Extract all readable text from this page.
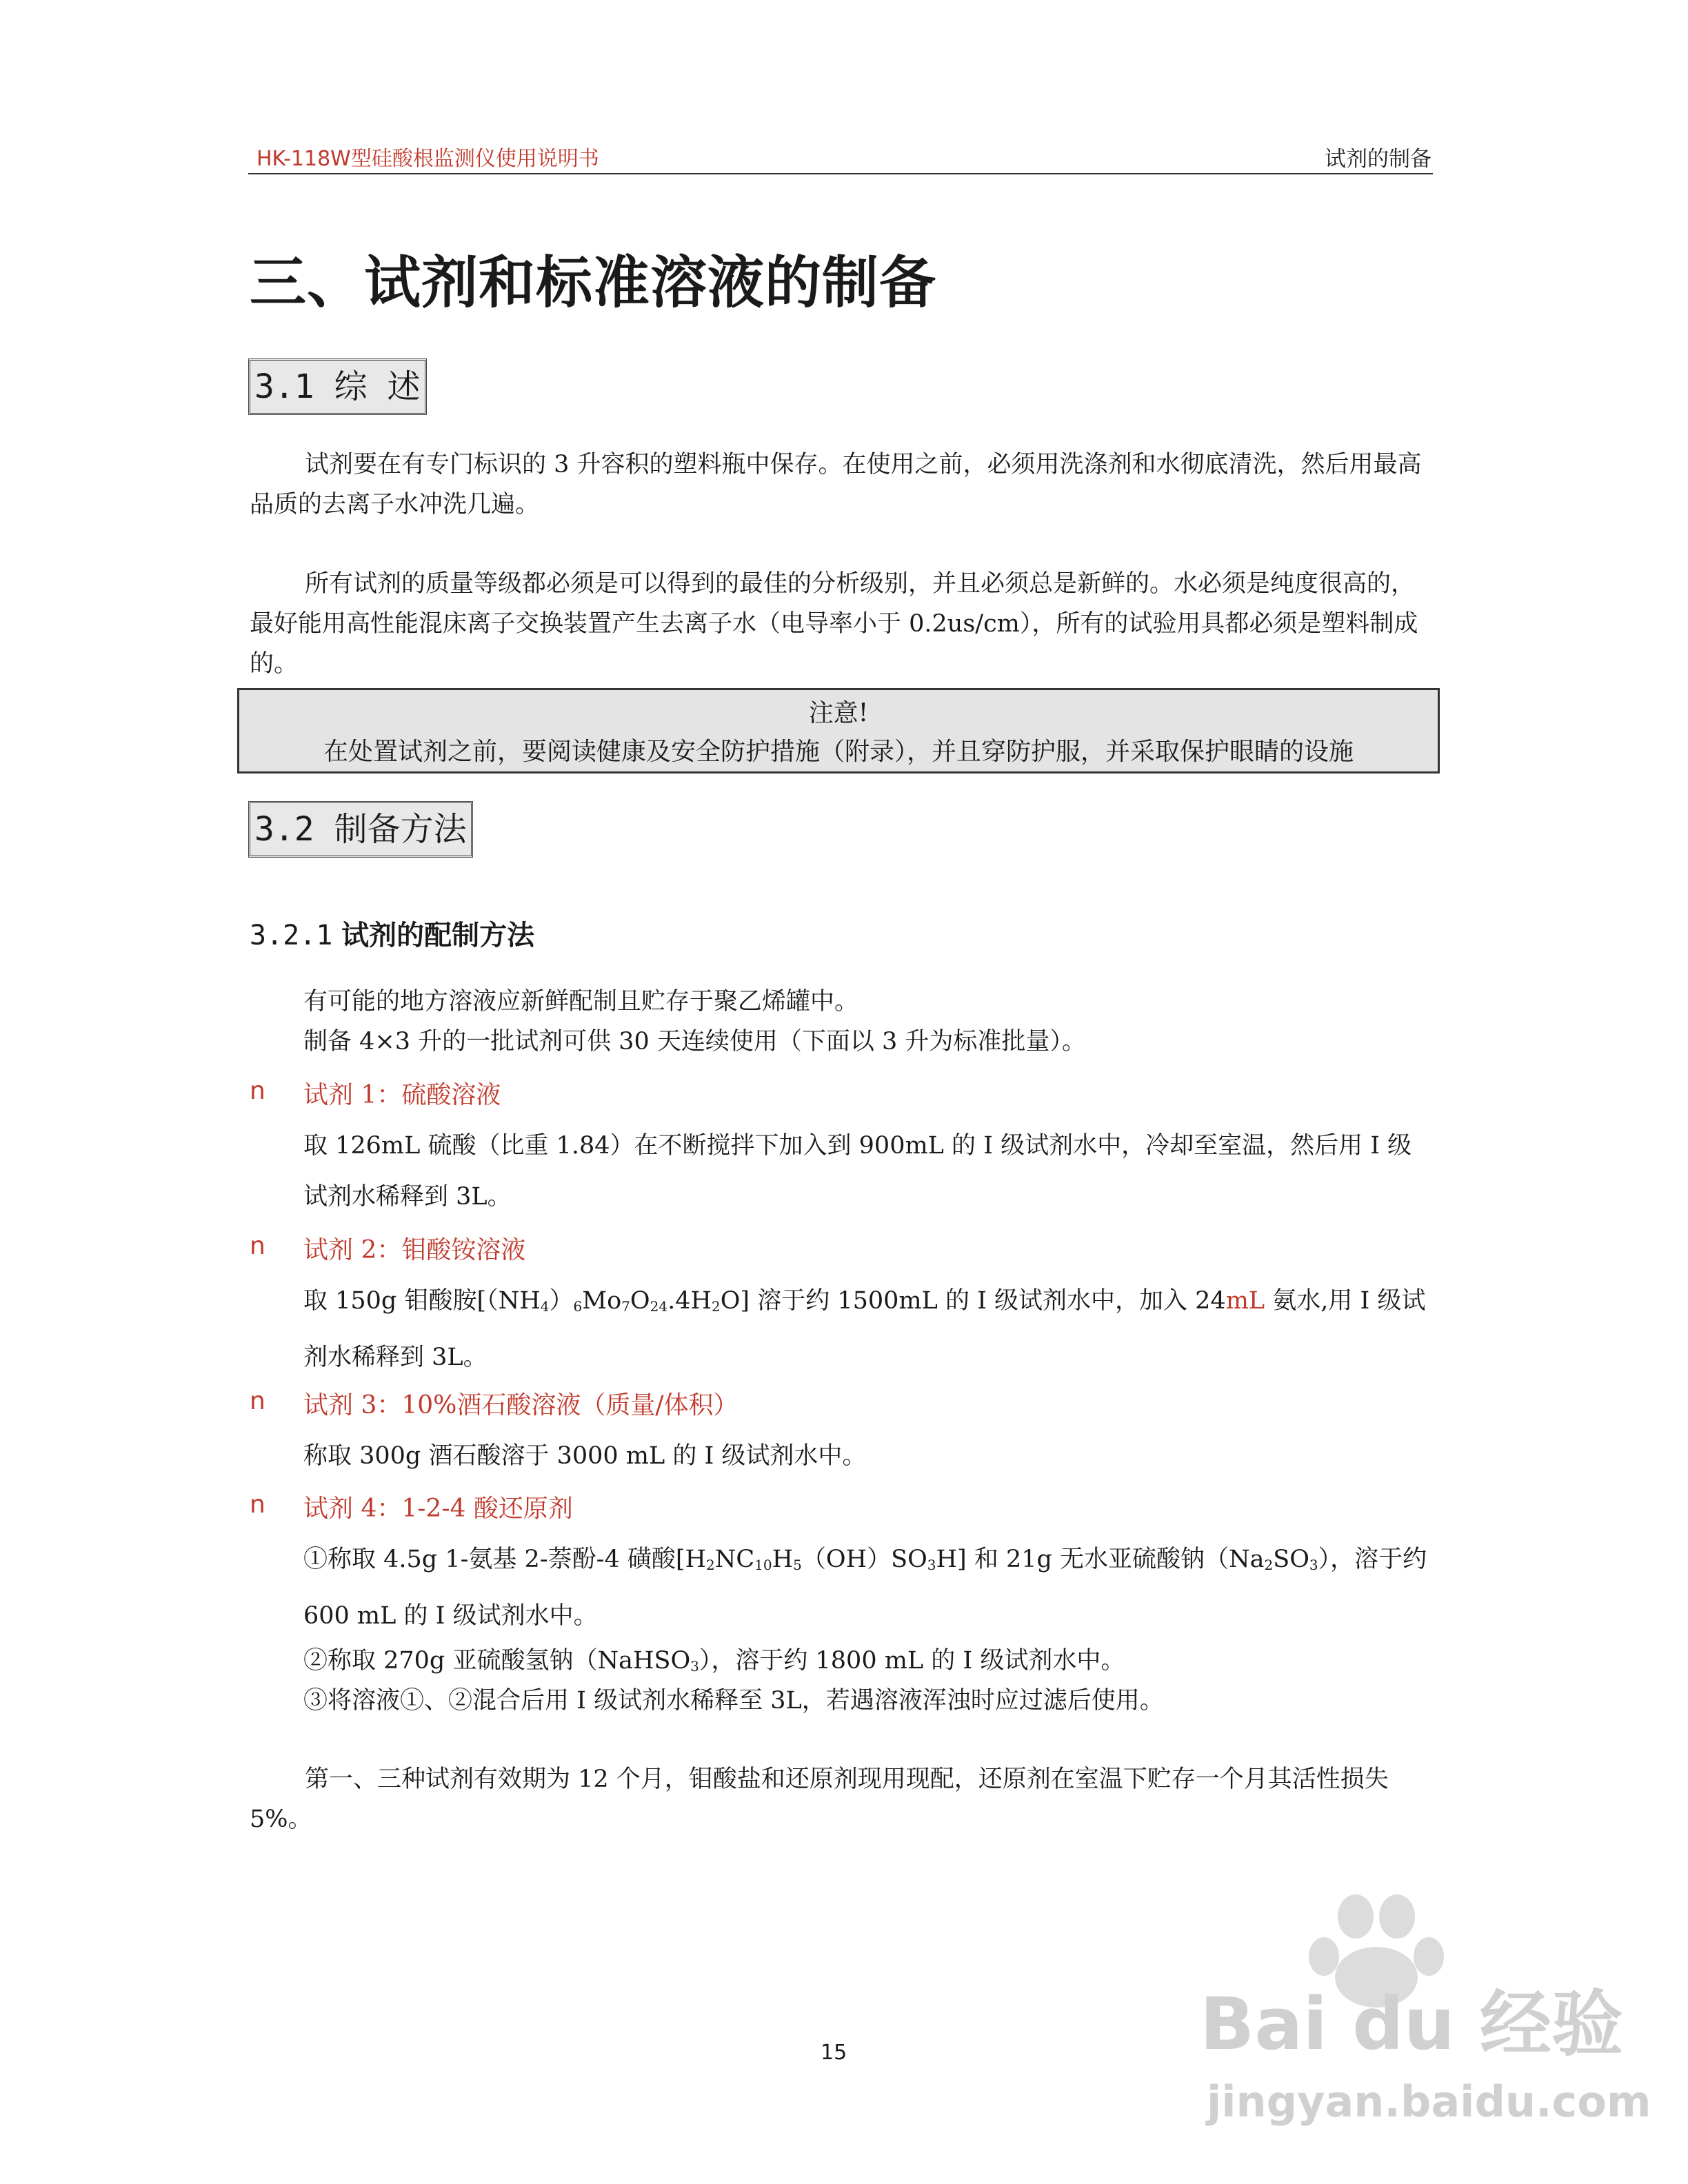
HK-118W型硅酸根监测仪使用说明书	试剂的制备
三、试剂和标准溶液的制备
3.1 综 述
试剂要在有专门标识的 3 升容积的塑料瓶中保存。在使用之前，必须用洗涤剂和水彻底清洗，然后用最高品质的去离子水冲洗几遍。
所有试剂的质量等级都必须是可以得到的最佳的分析级别，并且必须总是新鲜的。水必须是纯度很高的，最好能用高性能混床离子交换装置产生去离子水（电导率小于 0.2us/cm），所有的试验用具都必须是塑料制成的。
注意!
在处置试剂之前，要阅读健康及安全防护措施（附录），并且穿防护服，并采取保护眼睛的设施
3.2 制备方法
3.2.1 试剂的配制方法
有可能的地方溶液应新鲜配制且贮存于聚乙烯罐中。
制备 4×3 升的一批试剂可供 30 天连续使用（下面以 3 升为标准批量）。
n 试剂 1：硫酸溶液
取 126mL 硫酸（比重 1.84）在不断搅拌下加入到 900mL 的 I 级试剂水中，冷却至室温，然后用 I 级试剂水稀释到 3L。
n 试剂 2：钼酸铵溶液
取 150g 钼酸胺$[(NH_4)_6Mo_7O_{24}.4H_2O]$ 溶于约 1500mL 的 I 级试剂水中，加入 24mL 氨水,用 I 级试剂水稀释到 3L。
n 试剂 3：10%酒石酸溶液（质量/体积）
称取 300g 酒石酸溶于 3000 mL 的 I 级试剂水中。
n 试剂 4：1-2-4 酸还原剂
①称取 4.5g 1-氨基 2-萘酚-4 磺酸$[H_2NC_{10}H_5(OH)SO_3H]$ 和 21g 无水亚硫酸钠$(Na_2SO_3)$，溶于约 600 mL 的 I 级试剂水中。
②称取 270g 亚硫酸氢钠（NaHSO$_3$），溶于约 1800 mL 的 I 级试剂水中。
③将溶液①、②混合后用 I 级试剂水稀释至 3L，若遇溶液浑浊时应过滤后使用。
第一、三种试剂有效期为 12 个月，钼酸盐和还原剂现用现配，还原剂在室温下贮存一个月其活性损失 5%。
15	Bai du 经验
jingyan.baidu.com
